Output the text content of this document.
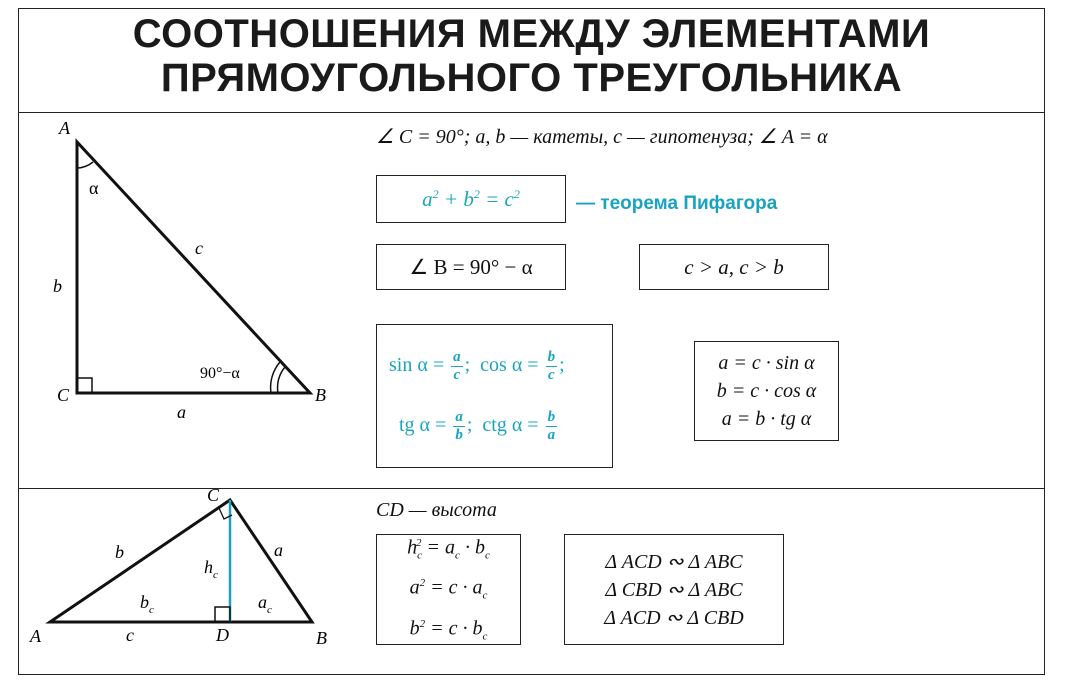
СООТНОШЕНИЯ МЕЖДУ ЭЛЕМЕНТАМИ
ПРЯМОУГОЛЬНОГО ТРЕУГОЛЬНИКА
A
C	B
b
c
a
α
90°−α
∠ C = 90°; a, b — катеты, c — гипотенуза; ∠ A = α
$a^2 + b^2 = c^2$	— теорема Пифагора
∠ B = 90° − α	c > a, c > b
$\sin \alpha = \frac{a}{c}$ ; $\cos \alpha = \frac{b}{c}$ ;
tg $\alpha = \frac{a}{b}$ ; ctg $\alpha = \frac{b}{a}$
a = c · sin α
b = c · cos α
a = b · tg α
C
A	B
D
b	a
c
$h_c$
$b_c$	$a_c$
CD — высота
$h_c^2 = a_c \cdot b_c$
$a^2 = c \cdot a_c$
$b^2 = c \cdot b_c$
Δ ACD ∾ Δ ABC
Δ CBD ∾ Δ ABC
Δ ACD ∾ Δ CBD
